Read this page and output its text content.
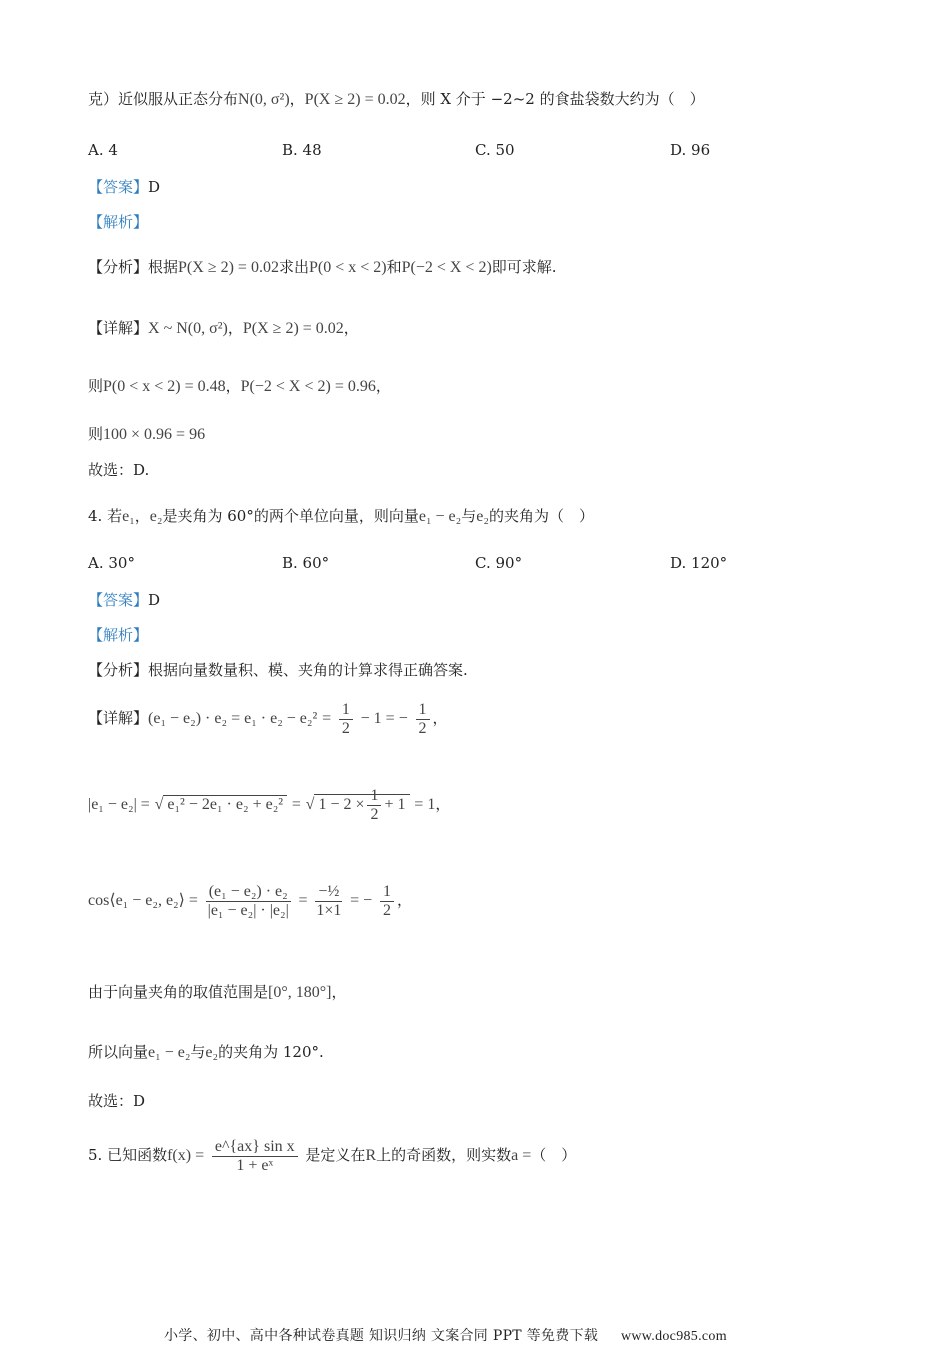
克）近似服从正态分布N(0, σ²)，P(X ≥ 2) = 0.02，则 X 介于 −2~2 的食盐袋数大约为（　）
A. 4	B. 48	C. 50	D. 96
【答案】D
【解析】
【分析】根据P(X ≥ 2) = 0.02求出P(0 < x < 2)和P(−2 < X < 2)即可求解.
【详解】X ~ N(0, σ²)，P(X ≥ 2) = 0.02，
则P(0 < x < 2) = 0.48，P(−2 < X < 2) = 0.96，
则100 × 0.96 = 96
故选：D.
4. 若e₁，e₂是夹角为 60°的两个单位向量，则向量e₁ − e₂与e₂的夹角为（　）
A. 30°	B. 60°	C. 90°	D. 120°
【答案】D
【解析】
【分析】根据向量数量积、模、夹角的计算求得正确答案.
【详解】$(e_1 - e_2) \cdot e_2 = e_1 \cdot e_2 - e_2^2 = \frac{1}{2} - 1$ = − $\frac{1}{2}$ ，
|e₁ − e₂| = √ e₁² − 2e₁ · e₂ + e₂² = √ $1 - 2 \times \frac{1}{2} + 1 = 1$，
cos⟨e₁ − e₂, e₂⟩ = $\frac{\text{(e₁ − e₂) · e₂}}{\text{|e₁ − e₂| · |e₂|}} = \frac{\text{−½}}{1\times 1}$ = − $\frac{1}{2}$ ，
由于向量夹角的取值范围是[0°, 180°]，
所以向量e₁ − e₂与e₂的夹角为 120°.
故选：D
5. 已知函数$f(x) = \frac{\text{e\textasciicircum{}\{ax\} sin x}}{\text{1 + eˣ}}$ 是定义在R上的奇函数，则实数a =（　）
小学、初中、高中各种试卷真题 知识归纳 文案合同 PPT 等免费下载 www.doc985.com
